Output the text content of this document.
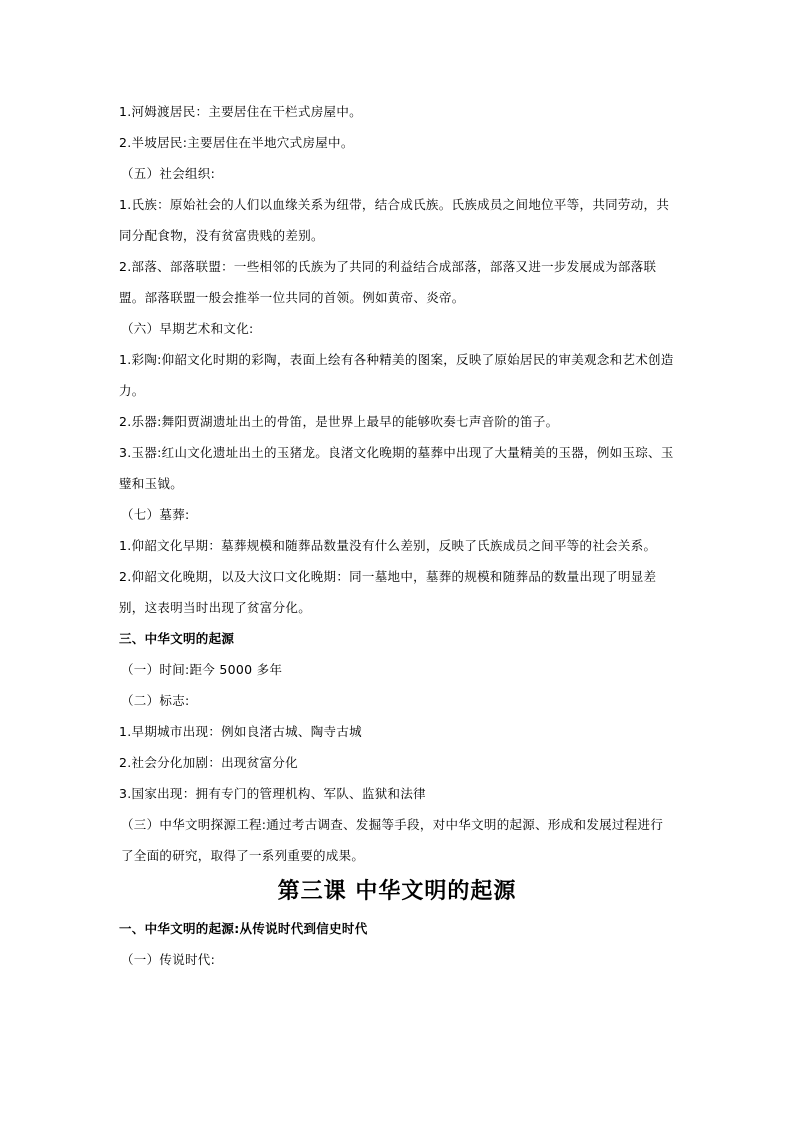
1.河姆渡居民：主要居住在干栏式房屋中。

2.半坡居民:主要居住在半地穴式房屋中。

（五）社会组织:

1.氏族：原始社会的人们以血缘关系为纽带，结合成氏族。氏族成员之间地位平等，共同劳动，共同分配食物，没有贫富贵贱的差别。

2.部落、部落联盟：一些相邻的氏族为了共同的利益结合成部落，部落又进一步发展成为部落联盟。部落联盟一般会推举一位共同的首领。例如黄帝、炎帝。

（六）早期艺术和文化:

1.彩陶:仰韶文化时期的彩陶，表面上绘有各种精美的图案，反映了原始居民的审美观念和艺术创造力。

2.乐器:舞阳贾湖遗址出土的骨笛，是世界上最早的能够吹奏七声音阶的笛子。

3.玉器:红山文化遗址出土的玉猪龙。良渚文化晚期的墓葬中出现了大量精美的玉器，例如玉琮、玉璧和玉钺。

（七）墓葬:

1.仰韶文化早期：墓葬规模和随葬品数量没有什么差别，反映了氏族成员之间平等的社会关系。

2.仰韶文化晚期，以及大汶口文化晚期：同一墓地中，墓葬的规模和随葬品的数量出现了明显差别，这表明当时出现了贫富分化。

三、中华文明的起源

（一）时间:距今 5000 多年

（二）标志:

1.早期城市出现：例如良渚古城、陶寺古城

2.社会分化加剧：出现贫富分化

3.国家出现：拥有专门的管理机构、军队、监狱和法律

（三）中华文明探源工程:通过考古调查、发掘等手段，对中华文明的起源、形成和发展过程进行了全面的研究，取得了一系列重要的成果。

第三课 中华文明的起源

一、中华文明的起源:从传说时代到信史时代

（一）传说时代:
